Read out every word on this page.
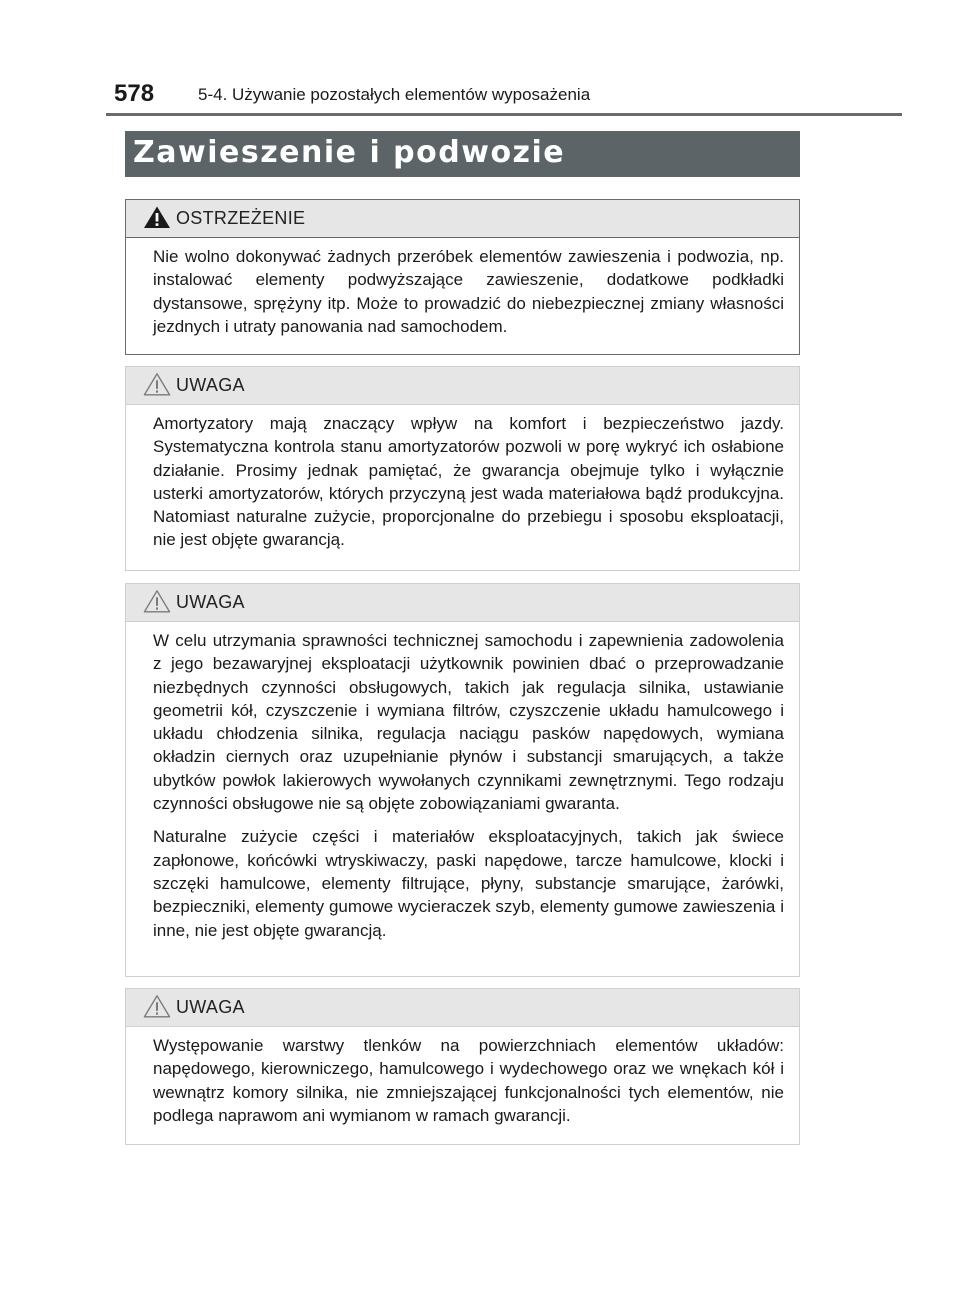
578	5-4. Używanie pozostałych elementów wyposażenia
Zawieszenie i podwozie
OSTRZEŻENIE

Nie wolno dokonywać żadnych przeróbek elementów zawieszenia i podwozia, np. instalować elementy podwyższające zawieszenie, dodatkowe podkładki dystansowe, sprężyny itp. Może to prowadzić do niebezpiecznej zmiany własności jezdnych i utraty panowania nad samochodem.

UWAGA

Amortyzatory mają znaczący wpływ na komfort i bezpieczeństwo jazdy. Systematyczna kontrola stanu amortyzatorów pozwoli w porę wykryć ich osłabione działanie. Prosimy jednak pamiętać, że gwarancja obejmuje tylko i wyłącznie usterki amortyzatorów, których przyczyną jest wada materiałowa bądź produkcyjna. Natomiast naturalne zużycie, proporcjonalne do przebiegu i sposobu eksploatacji, nie jest objęte gwarancją.

UWAGA

W celu utrzymania sprawności technicznej samochodu i zapewnienia zadowolenia z jego bezawaryjnej eksploatacji użytkownik powinien dbać o przeprowadzanie niezbędnych czynności obsługowych, takich jak regulacja silnika, ustawianie geometrii kół, czyszczenie i wymiana filtrów, czyszczenie układu hamulcowego i układu chłodzenia silnika, regulacja naciągu pasków napędowych, wymiana okładzin ciernych oraz uzupełnianie płynów i substancji smarujących, a także ubytków powłok lakierowych wywołanych czynnikami zewnętrznymi. Tego rodzaju czynności obsługowe nie są objęte zobowiązaniami gwaranta.

Naturalne zużycie części i materiałów eksploatacyjnych, takich jak świece zapłonowe, końcówki wtryskiwaczy, paski napędowe, tarcze hamulcowe, klocki i szczęki hamulcowe, elementy filtrujące, płyny, substancje smarujące, żarówki, bezpieczniki, elementy gumowe wycieraczek szyb, elementy gumowe zawieszenia i inne, nie jest objęte gwarancją.

UWAGA

Występowanie warstwy tlenków na powierzchniach elementów układów: napędowego, kierowniczego, hamulcowego i wydechowego oraz we wnękach kół i wewnątrz komory silnika, nie zmniejszającej funkcjonalności tych elementów, nie podlega naprawom ani wymianom w ramach gwarancji.
